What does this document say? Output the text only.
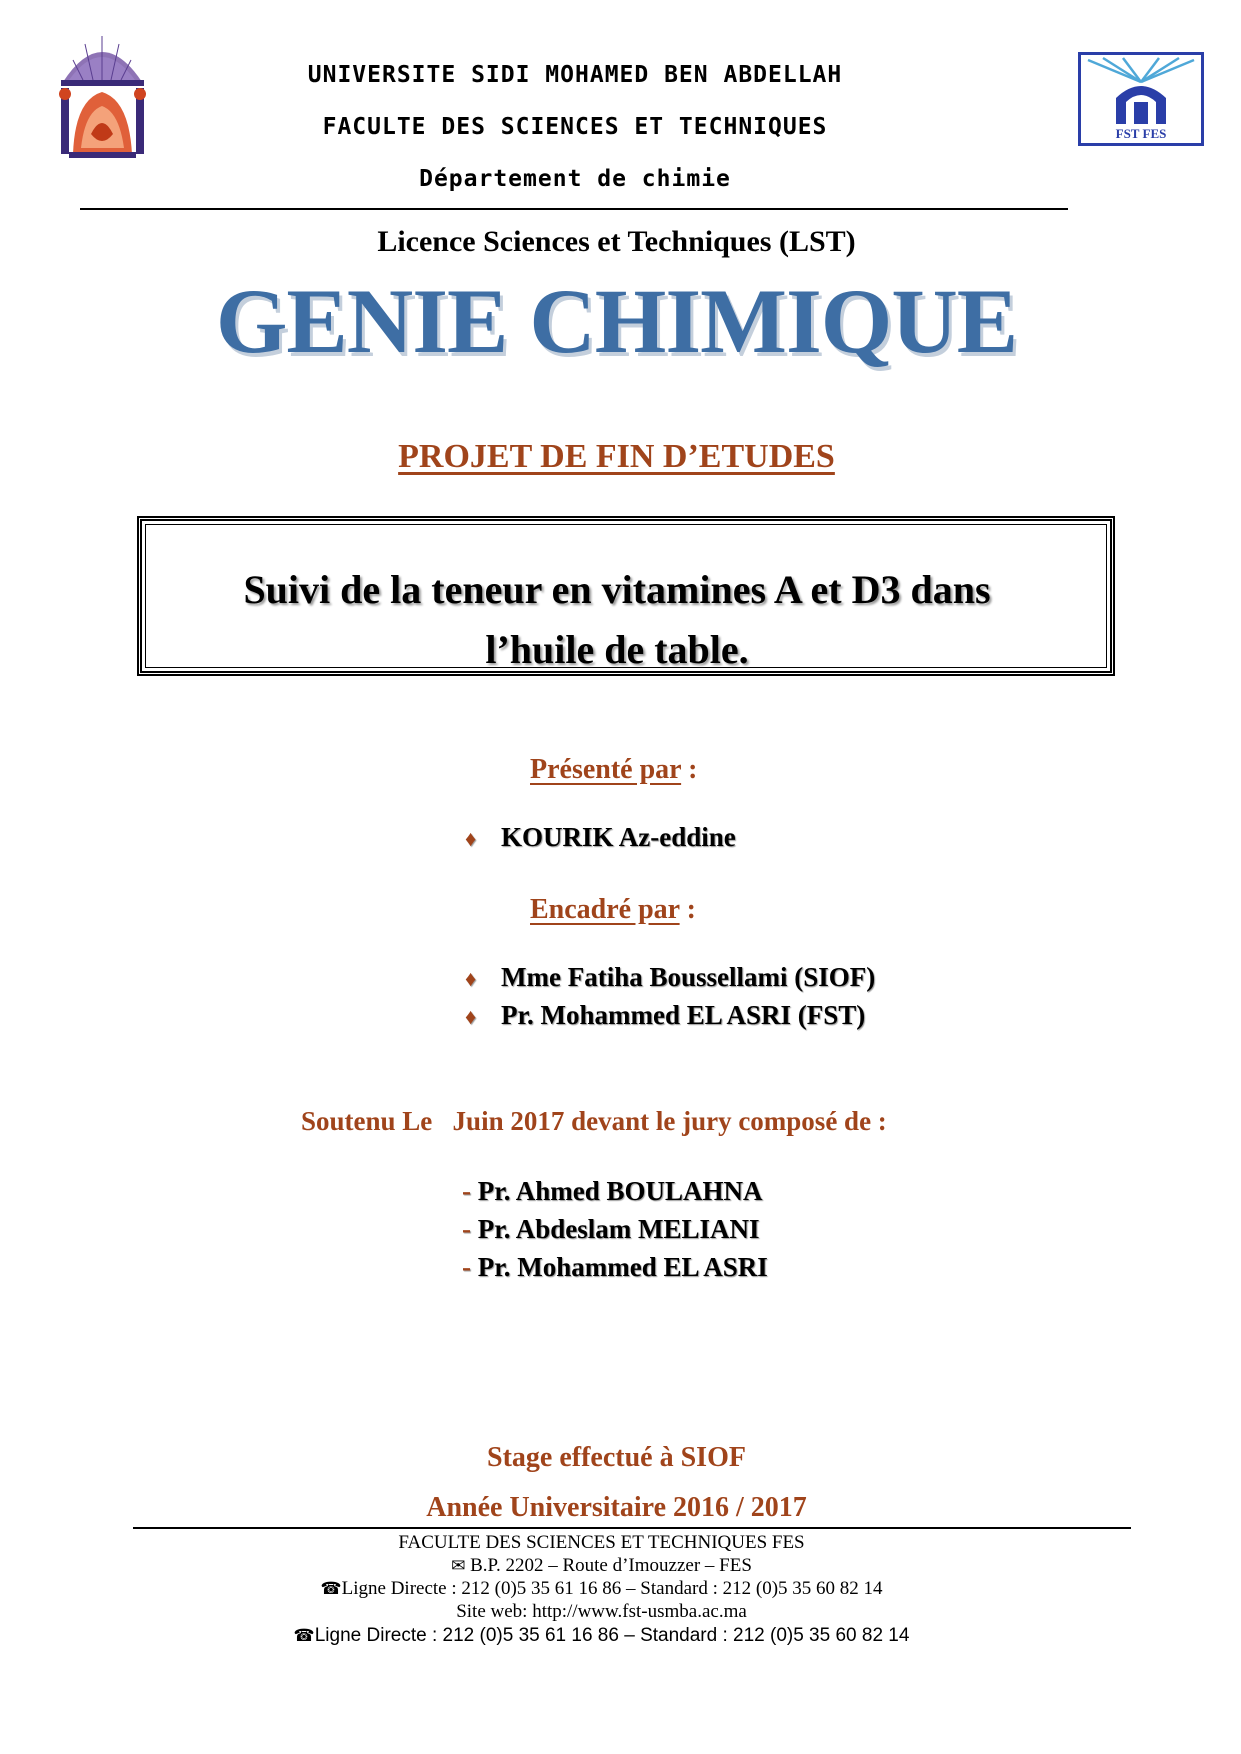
FST FES
UNIVERSITE SIDI MOHAMED BEN ABDELLAH
FACULTE DES SCIENCES ET TECHNIQUES
Département de chimie
Licence Sciences et Techniques (LST)
GENIE CHIMIQUE
PROJET DE FIN D’ETUDES
Suivi de la teneur en vitamines A et D3 dans
l’huile de table.
Présenté par :
♦ KOURIK Az-eddine
Encadré par :
♦ Mme Fatiha Boussellami (SIOF)
♦ Pr. Mohammed EL ASRI (FST)
Soutenu Le Juin 2017 devant le jury composé de :
- Pr. Ahmed BOULAHNA
- Pr. Abdeslam MELIANI
- Pr. Mohammed EL ASRI
Stage effectué à SIOF
Année Universitaire 2016 / 2017
FACULTE DES SCIENCES ET TECHNIQUES FES
✉ B.P. 2202 – Route d’Imouzzer – FES
☎Ligne Directe : 212 (0)5 35 61 16 86 – Standard : 212 (0)5 35 60 82 14
Site web: http://www.fst-usmba.ac.ma
☎Ligne Directe : 212 (0)5 35 61 16 86 – Standard : 212 (0)5 35 60 82 14
